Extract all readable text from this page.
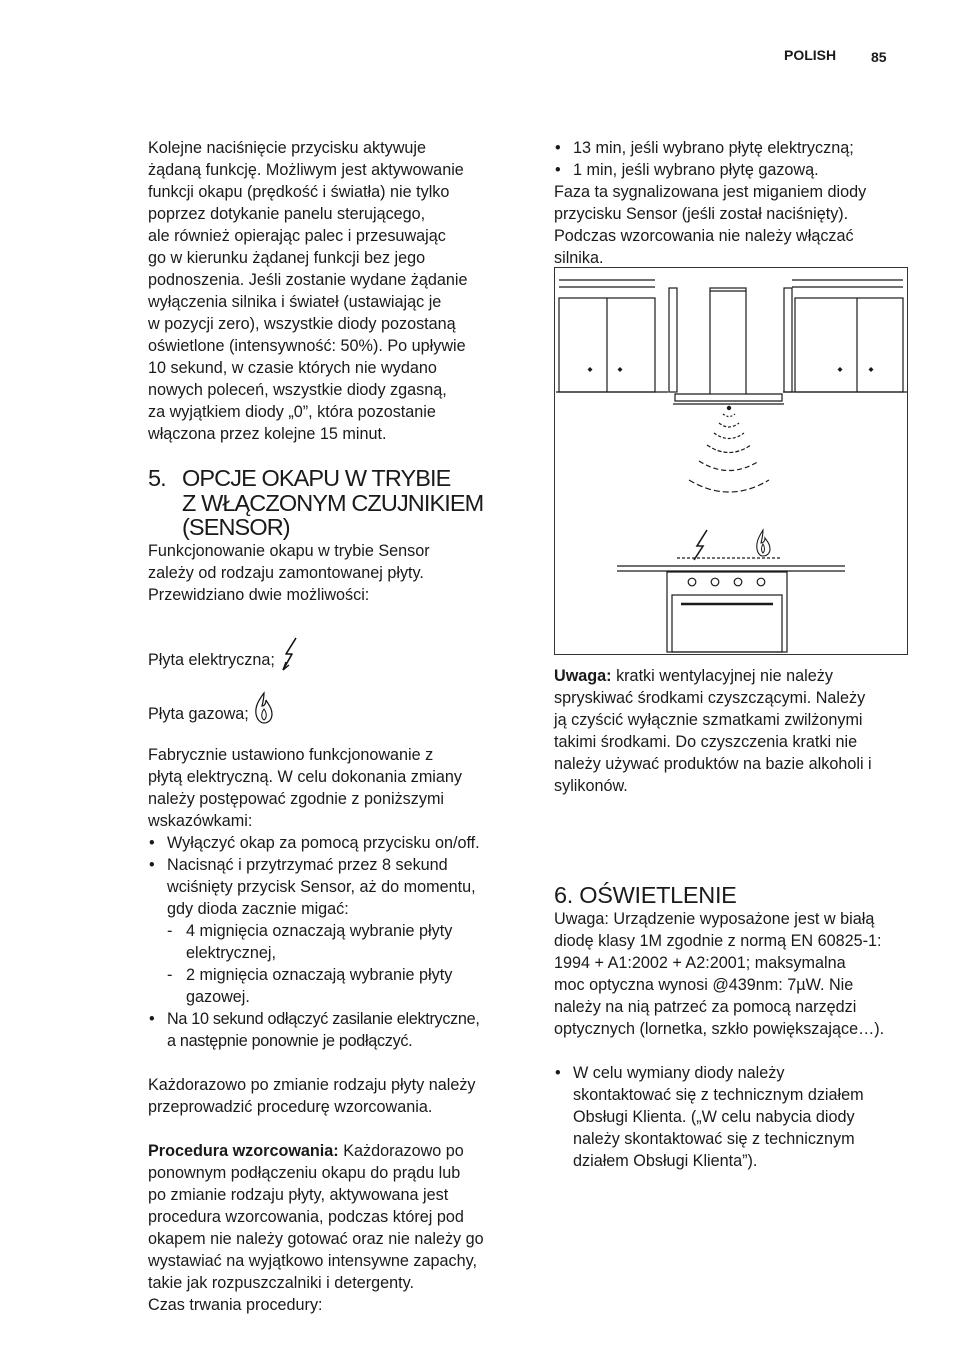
POLISH 85

Kolejne naciśnięcie przycisku aktywuje
żądaną funkcję. Możliwym jest aktywowanie
funkcji okapu (prędkość i światła) nie tylko
poprzez dotykanie panelu sterującego,
ale również opierając palec i przesuwając
go w kierunku żądanej funkcji bez jego
podnoszenia. Jeśli zostanie wydane żądanie
wyłączenia silnika i świateł (ustawiając je
w pozycji zero), wszystkie diody pozostaną
oświetlone (intensywność: 50%). Po upływie
10 sekund, w czasie których nie wydano
nowych poleceń, wszystkie diody zgasną,
za wyjątkiem diody „0”, która pozostanie
włączona przez kolejne 15 minut.

5. OPCJE OKAPU W TRYBIE
Z WŁĄCZONYM CZUJNIKIEM
(SENSOR)

Funkcjonowanie okapu w trybie Sensor
zależy od rodzaju zamontowanej płyty.
Przewidziano dwie możliwości:

Płyta elektryczna;

Płyta gazowa;

Fabrycznie ustawiono funkcjonowanie z
płytą elektryczną. W celu dokonania zmiany
należy postępować zgodnie z poniższymi
wskazówkami:

• Wyłączyć okap za pomocą przycisku on/off.
• Nacisnąć i przytrzymać przez 8 sekund
wciśnięty przycisk Sensor, aż do momentu,
gdy dioda zacznie migać:
- 4 mignięcia oznaczają wybranie płyty
elektrycznej,
- 2 mignięcia oznaczają wybranie płyty
gazowej.
• Na 10 sekund odłączyć zasilanie elektryczne,
a następnie ponownie je podłączyć.

Każdorazowo po zmianie rodzaju płyty należy
przeprowadzić procedurę wzorcowania.

Procedura wzorcowania: Każdorazowo po
ponownym podłączeniu okapu do prądu lub
po zmianie rodzaju płyty, aktywowana jest
procedura wzorcowania, podczas której pod
okapem nie należy gotować oraz nie należy go
wystawiać na wyjątkowo intensywne zapachy,
takie jak rozpuszczalniki i detergenty.
Czas trwania procedury:

• 13 min, jeśli wybrano płytę elektryczną;
• 1 min, jeśli wybrano płytę gazową.

Faza ta sygnalizowana jest miganiem diody
przycisku Sensor (jeśli został naciśnięty).
Podczas wzorcowania nie należy włączać
silnika.

Uwaga: kratki wentylacyjnej nie należy
spryskiwać środkami czyszczącymi. Należy
ją czyścić wyłącznie szmatkami zwilżonymi
takimi środkami. Do czyszczenia kratki nie
należy używać produktów na bazie alkoholi i
sylikonów.

6. OŚWIETLENIE

Uwaga: Urządzenie wyposażone jest w białą
diodę klasy 1M zgodnie z normą EN 60825-1:
1994 + A1:2002 + A2:2001; maksymalna
moc optyczna wynosi @439nm: 7µW. Nie
należy na nią patrzeć za pomocą narzędzi
optycznych (lornetka, szkło powiększające…).

• W celu wymiany diody należy
skontaktować się z technicznym działem
Obsługi Klienta. („W celu nabycia diody
należy skontaktować się z technicznym
działem Obsługi Klienta”).
